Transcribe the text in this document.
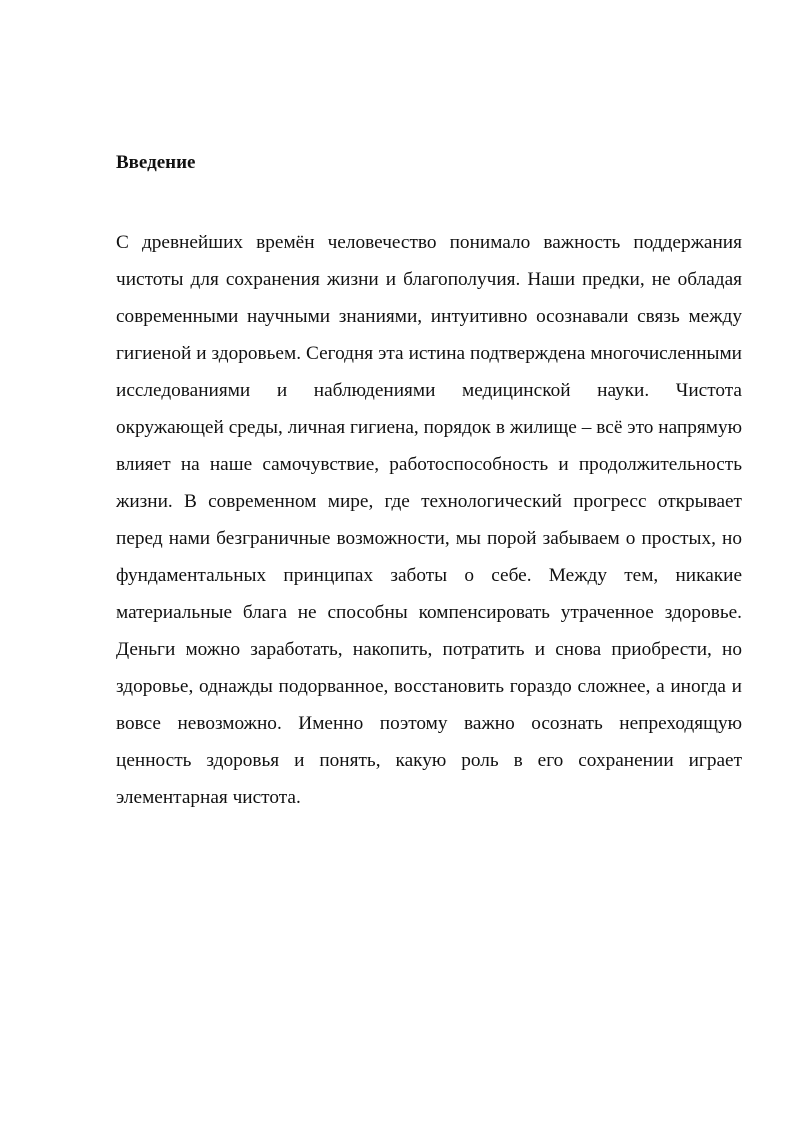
Введение

С древнейших времён человечество понимало важность поддержания чистоты для сохранения жизни и благополучия. Наши предки, не обладая современными научными знаниями, интуитивно осознавали связь между гигиеной и здоровьем. Сегодня эта истина подтверждена многочисленными исследованиями и наблюдениями медицинской науки. Чистота окружающей среды, личная гигиена, порядок в жилище – всё это напрямую влияет на наше самочувствие, работоспособность и продолжительность жизни. В современном мире, где технологический прогресс открывает перед нами безграничные возможности, мы порой забываем о простых, но фундаментальных принципах заботы о себе. Между тем, никакие материальные блага не способны компенсировать утраченное здоровье. Деньги можно заработать, накопить, потратить и снова приобрести, но здоровье, однажды подорванное, восстановить гораздо сложнее, а иногда и вовсе невозможно. Именно поэтому важно осознать непреходящую ценность здоровья и понять, какую роль в его сохранении играет элементарная чистота.
